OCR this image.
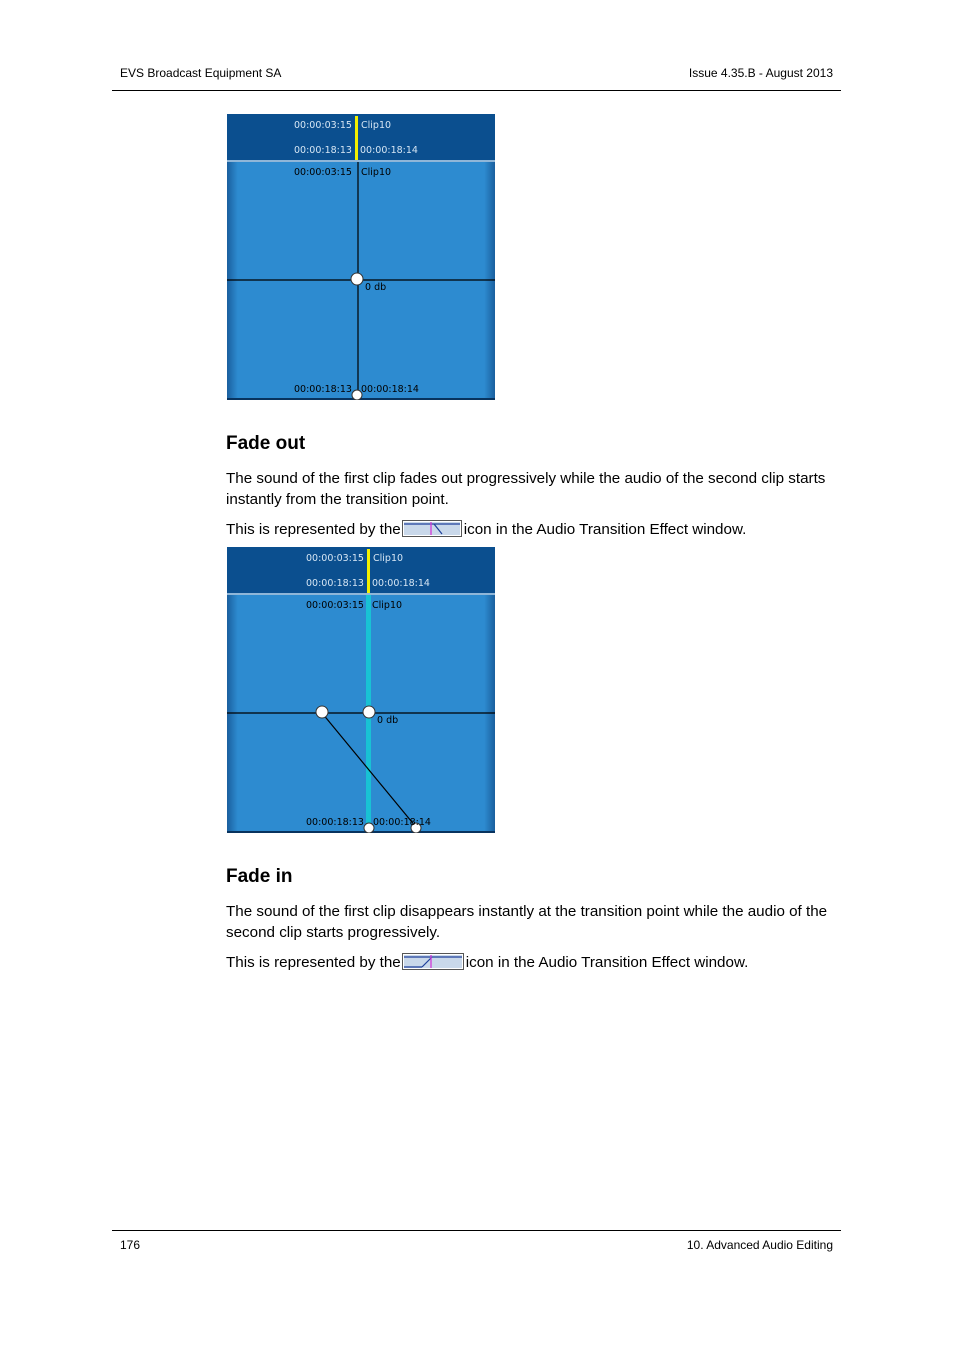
EVS Broadcast Equipment SA	Issue 4.35.B - August 2013
00:00:03:15 Clip10
00:00:18:13 00:00:18:14
00:00:03:15 Clip10
0 db
00:00:18:13 00:00:18:14
Fade out

The sound of the first clip fades out progressively while the audio of the second clip starts instantly from the transition point.

This is represented by the	icon in the Audio Transition Effect window.

00:00:03:15 Clip10
00:00:18:13 00:00:18:14
00:00:03:15 Clip10
0 db
00:00:18:13 00:00:18:14
Fade in

The sound of the first clip disappears instantly at the transition point while the audio of the second clip starts progressively.

This is represented by the	icon in the Audio Transition Effect window.

176	10. Advanced Audio Editing
